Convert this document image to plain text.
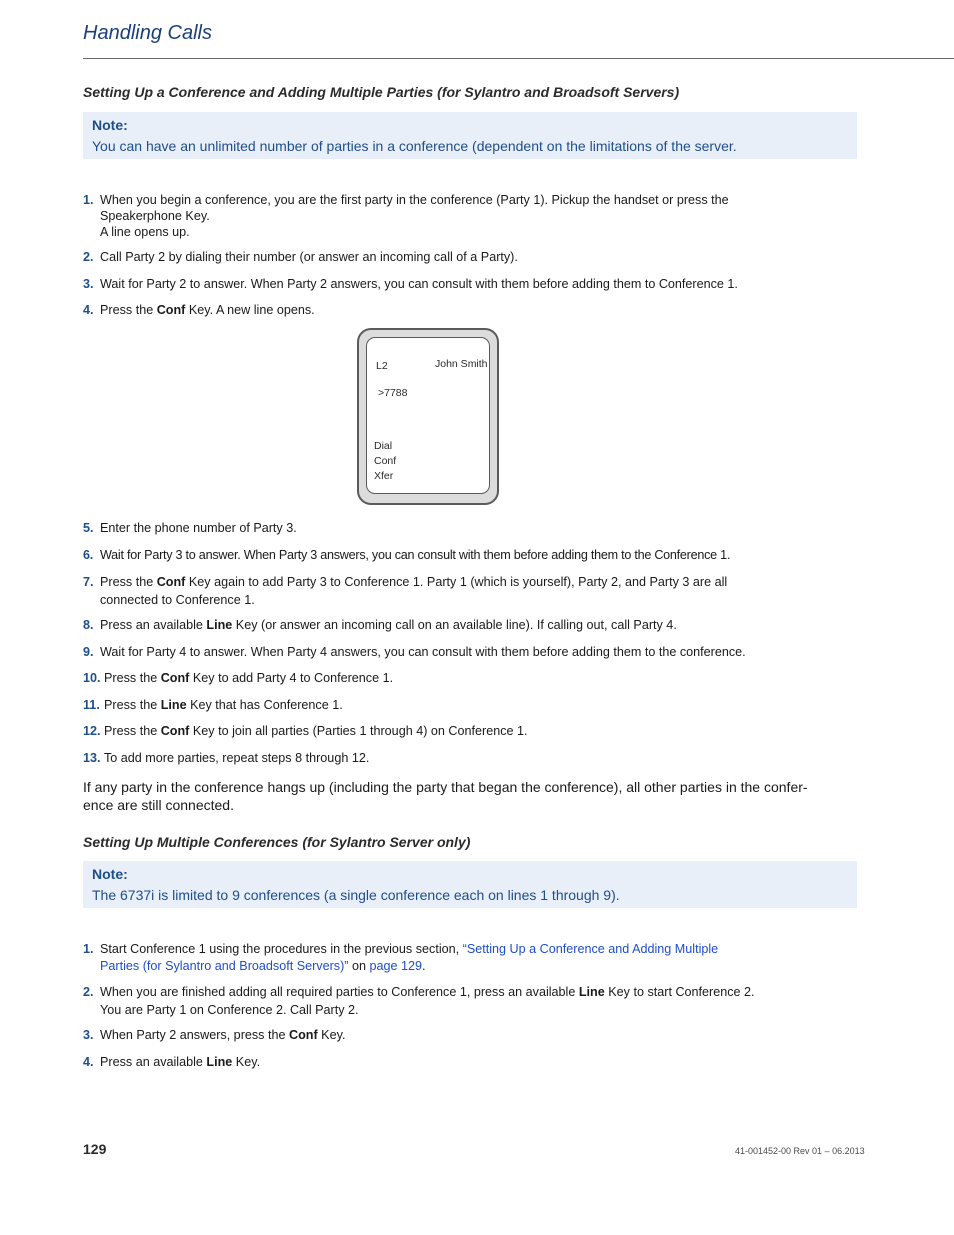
Handling Calls
Setting Up a Conference and Adding Multiple Parties (for Sylantro and Broadsoft Servers)
Note:
You can have an unlimited number of parties in a conference (dependent on the limitations of the server.
1. When you begin a conference, you are the first party in the conference (Party 1). Pickup the handset or press the
Speakerphone Key.
A line opens up.
2. Call Party 2 by dialing their number (or answer an incoming call of a Party).
3. Wait for Party 2 to answer. When Party 2 answers, you can consult with them before adding them to Conference 1.
4. Press the Conf Key. A new line opens.
L2	John Smith
>7788
Dial
Conf
Xfer
5. Enter the phone number of Party 3.
6. Wait for Party 3 to answer. When Party 3 answers, you can consult with them before adding them to the Conference 1.
7. Press the Conf Key again to add Party 3 to Conference 1. Party 1 (which is yourself), Party 2, and Party 3 are all
connected to Conference 1.
8. Press an available Line Key (or answer an incoming call on an available line). If calling out, call Party 4.
9. Wait for Party 4 to answer. When Party 4 answers, you can consult with them before adding them to the conference.
10. Press the Conf Key to add Party 4 to Conference 1.
11. Press the Line Key that has Conference 1.
12. Press the Conf Key to join all parties (Parties 1 through 4) on Conference 1.
13. To add more parties, repeat steps 8 through 12.
If any party in the conference hangs up (including the party that began the conference), all other parties in the confer-
ence are still connected.
Setting Up Multiple Conferences (for Sylantro Server only)
Note:
The 6737i is limited to 9 conferences (a single conference each on lines 1 through 9).
1. Start Conference 1 using the procedures in the previous section, “Setting Up a Conference and Adding Multiple
Parties (for Sylantro and Broadsoft Servers)” on page 129.
2. When you are finished adding all required parties to Conference 1, press an available Line Key to start Conference 2.
You are Party 1 on Conference 2. Call Party 2.
3. When Party 2 answers, press the Conf Key.
4. Press an available Line Key.
129	41-001452-00 Rev 01 – 06.2013
